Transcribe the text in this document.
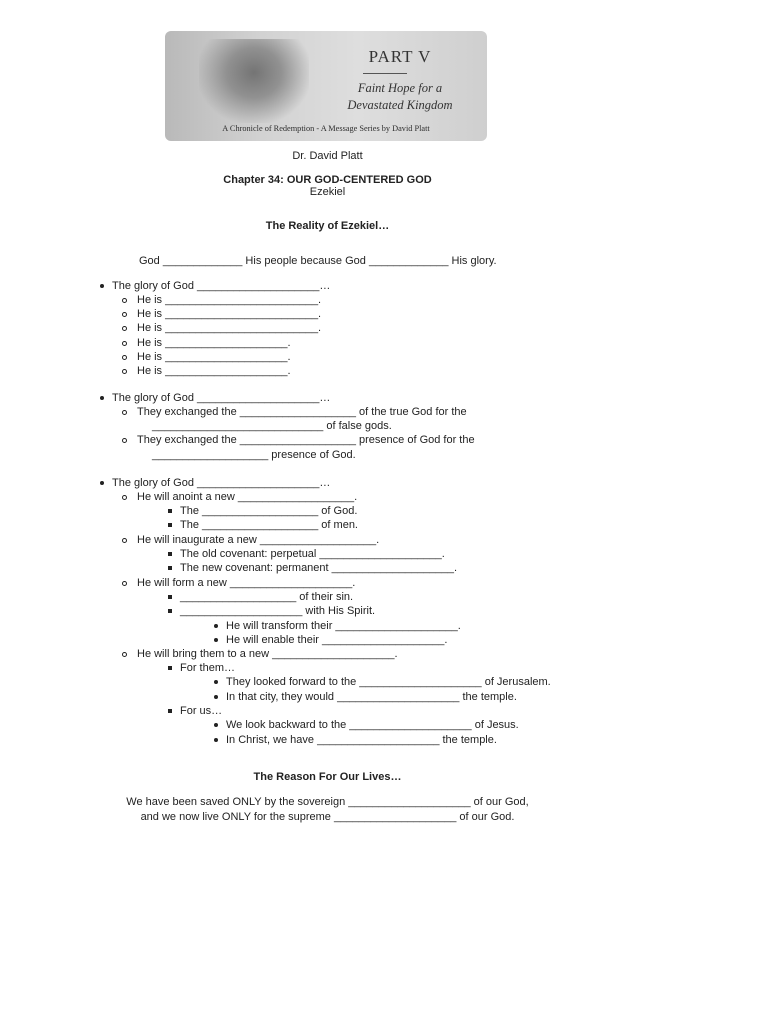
PART V
Faint Hope for a
Devastated Kingdom
A Chronicle of Redemption - A Message Series by David Platt
Dr. David Platt
Chapter 34: OUR GOD-CENTERED GOD
Ezekiel
The Reality of Ezekiel…
God _____________ His people because God _____________ His glory.
The glory of God ____________________…
He is _________________________.
He is _________________________.
He is _________________________.
He is ____________________.
He is ____________________.
He is ____________________.
The glory of God ____________________…
They exchanged the ___________________ of the true God for the
____________________________ of false gods.
They exchanged the ___________________ presence of God for the
___________________ presence of God.
The glory of God ____________________…
He will anoint a new ___________________.
The ___________________ of God.
The ___________________ of men.
He will inaugurate a new ___________________.
The old covenant: perpetual ____________________.
The new covenant: permanent ____________________.
He will form a new ____________________.
___________________ of their sin.
____________________ with His Spirit.
He will transform their ____________________.
He will enable their ____________________.
He will bring them to a new ____________________.
For them…
They looked forward to the ____________________ of Jerusalem.
In that city, they would ____________________ the temple.
For us…
We look backward to the ____________________ of Jesus.
In Christ, we have ____________________ the temple.
The Reason For Our Lives…
We have been saved ONLY by the sovereign ____________________ of our God,
and we now live ONLY for the supreme ____________________ of our God.
